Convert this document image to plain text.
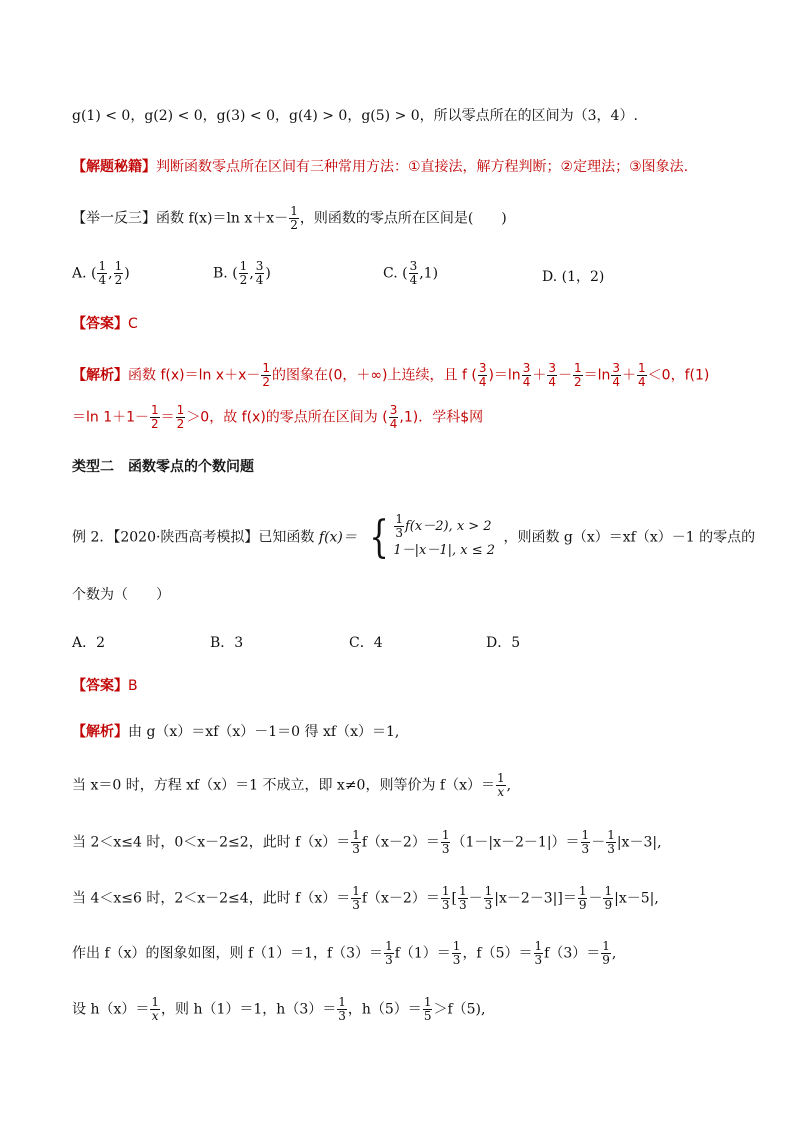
g(1) < 0，g(2) < 0，g(3) < 0，g(4) > 0，g(5) > 0，所以零点所在的区间为（3，4）.
【解题秘籍】判断函数零点所在区间有三种常用方法：①直接法，解方程判断；②定理法；③图象法.
【举一反三】函数 f(x)＝ln $x+x- \frac{1}{2}$ ，则函数的零点所在区间是(　　)
A. ( $\frac{1}{4}$ , $\frac{1}{2}$ )	B. ( $\frac{1}{2}$ , $\frac{3}{4}$ )	C. ( $\frac{3}{4} ,1$)	D. (1，2)
【答案】C
【解析】函数 f(x)＝ln $x+x- \frac{1}{2}$ 的图象在(0，＋∞)上连续，且 f ( $\frac{3}{4} )=\ln \frac{3}{4} + \frac{3}{4} - \frac{1}{2} =\ln \frac{3}{4} + \frac{1}{4} <0$，f(1)
＝ln $1+1- \frac{1}{2} = \frac{1}{2} >0$，故 f(x)的零点所在区间为 ( $\frac{3}{4} ,1$)．学科$网
类型二　函数零点的个数问题
例 2．【2020·陕西高考模拟】已知函数 f(x)＝ { $\frac{1}{3} f(x-2)$, x > 2
1－|x－1|, x ≤ 2
，则函数 g（x）＝xf（x）－1 的零点的
个数为（　　）
A．2	B．3	C．4	D．5
【答案】B
【解析】由 g（x）＝xf（x）－1＝0 得 xf（x）＝1,
当 x＝0 时，方程 xf（x）＝1 不成立，即 x≠0，则等价为 $f(x)= \frac{1}{x}$ ,
当 2＜x≤4 时，0＜x－2≤2，此时 $f(x)= \frac{1}{3} f(x-2)= \frac{1}{3} (1-|x-2-1|)= \frac{1}{3} - \frac{1}{3} |x-3|$,
当 4＜x≤6 时，2＜x－2≤4，此时 $f(x)= \frac{1}{3} f(x-2)= \frac{1}{3}$ [ $\frac{1}{3} - \frac{1}{3} |x-2-3|]= \frac{1}{9} - \frac{1}{9} |x-5|$,
作出 f（x）的图象如图，则 f（1）＝1，$f(3)= \frac{1}{3} f(1)= \frac{1}{3}$ ，$f(5)= \frac{1}{3} f(3)= \frac{1}{9}$ ,
设 $h(x)= \frac{1}{x}$ ，则 h（1）＝1，$h(3)= \frac{1}{3}$ ，$h(5)= \frac{1}{5} >f(5)$,
